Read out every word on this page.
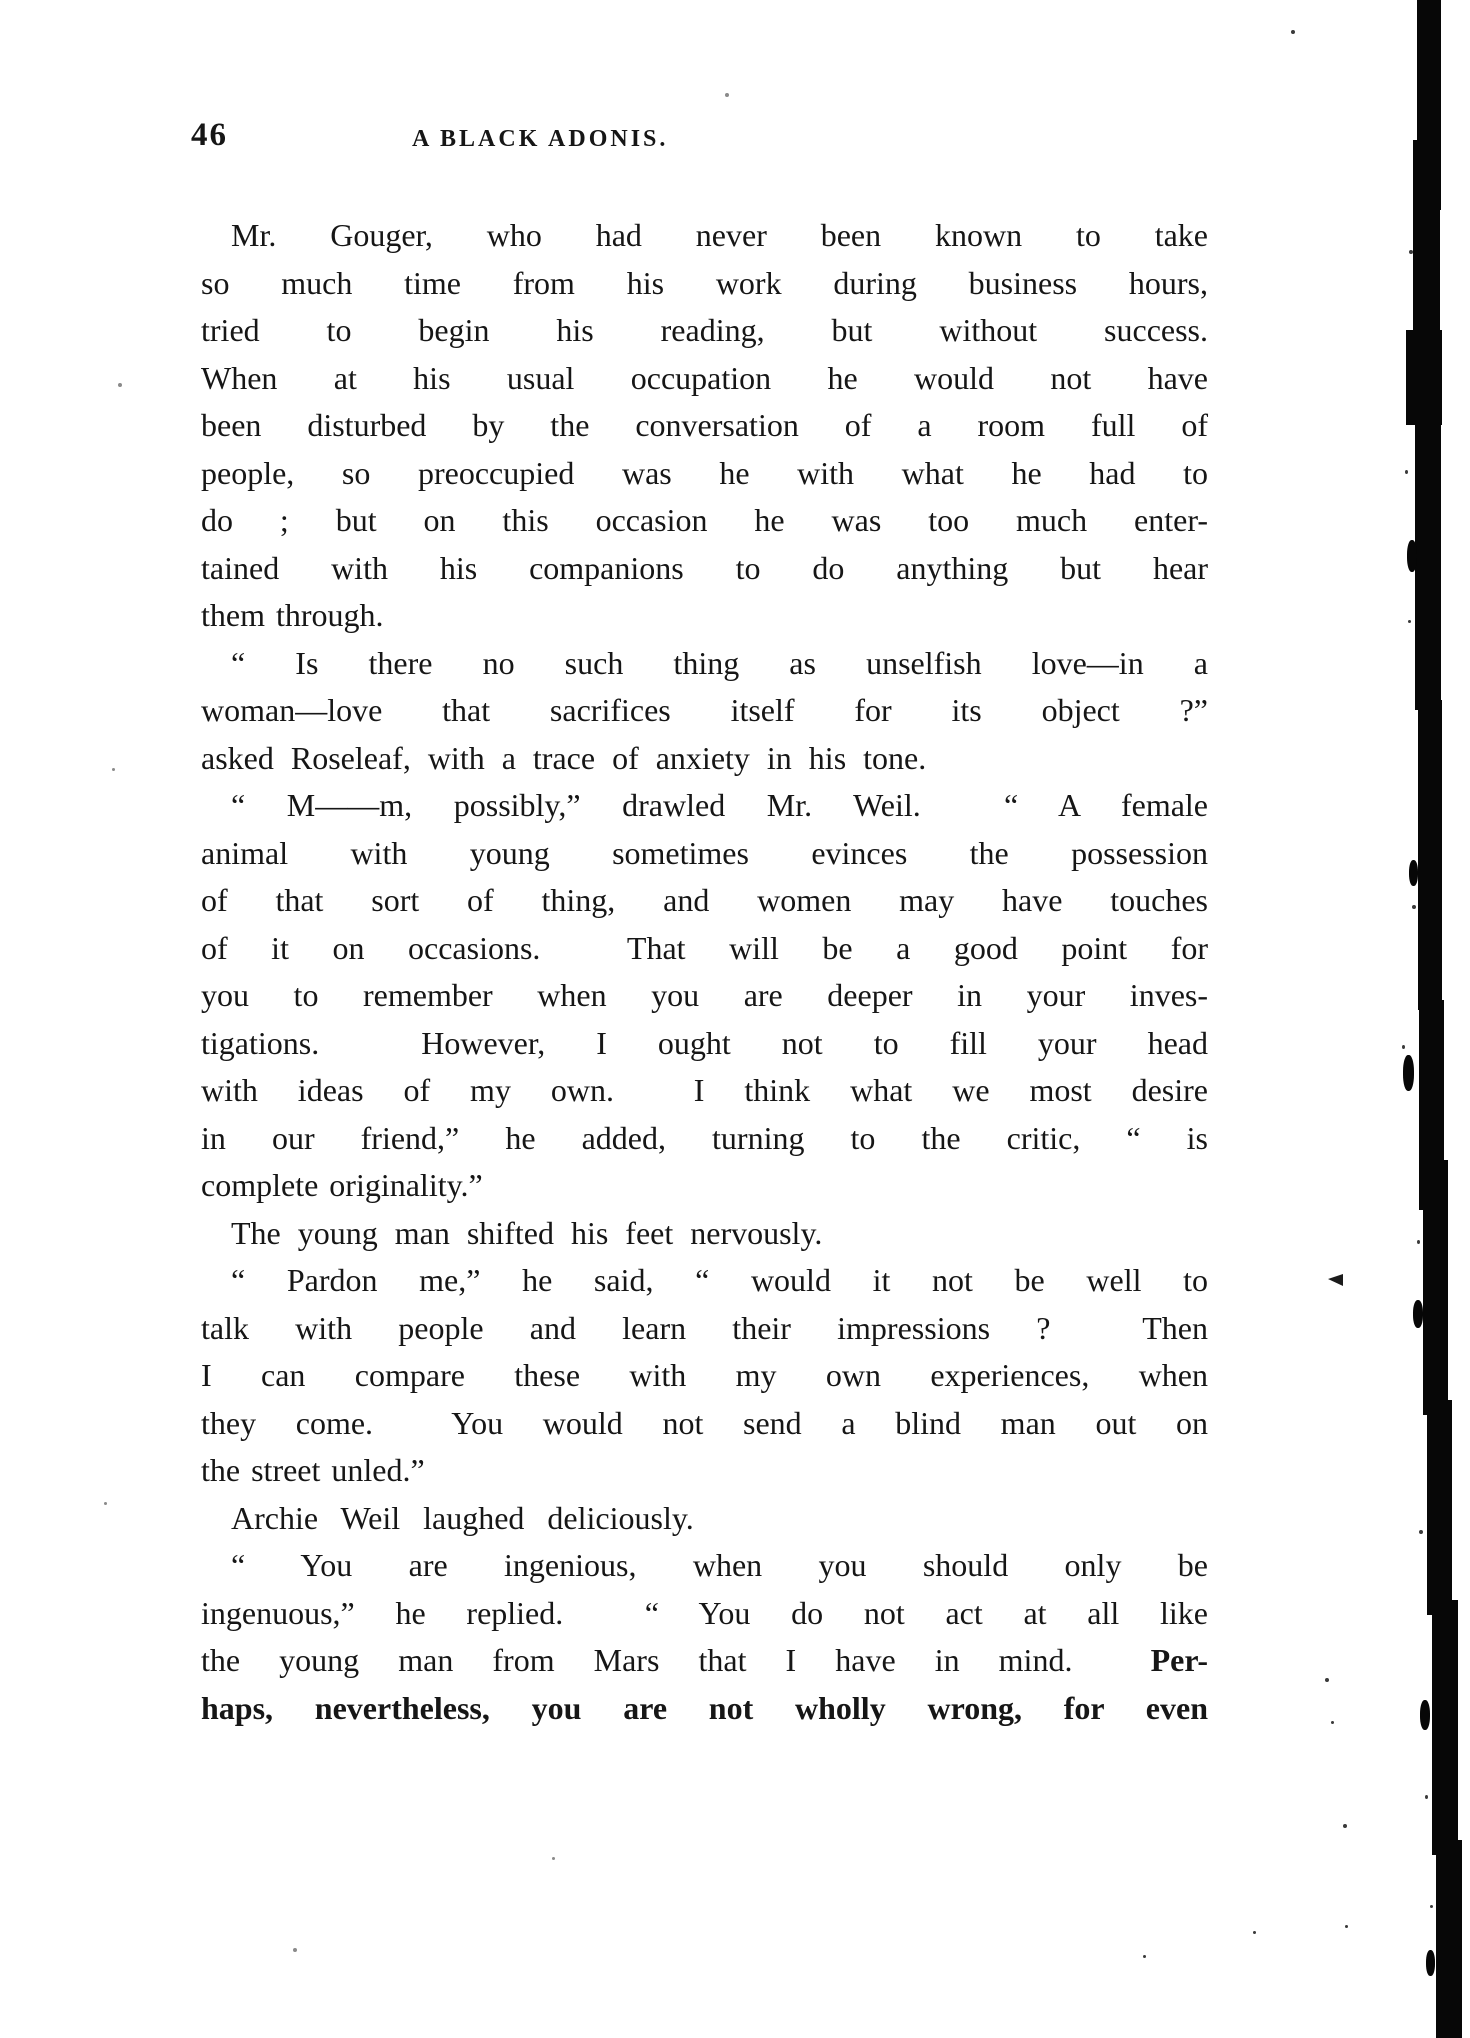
46	A BLACK ADONIS.

Mr. Gouger, who had never been known to take
so much time from his work during business hours,
tried to begin his reading, but without success.
When at his usual occupation he would not have
been disturbed by the conversation of a room full of
people, so preoccupied was he with what he had to
do ; but on this occasion he was too much enter-
tained with his companions to do anything but hear
them through.

“ Is there no such thing as unselfish love—in a
woman—love that sacrifices itself for its object ?”
asked Roseleaf, with a trace of anxiety in his tone.

“ M——m, possibly,” drawled Mr. Weil.  “ A female
animal with young sometimes evinces the possession
of that sort of thing, and women may have touches
of it on occasions.  That will be a good point for
you to remember when you are deeper in your inves-
tigations.  However, I ought not to fill your head
with ideas of my own.  I think what we most desire
in our friend,” he added, turning to the critic, “ is
complete originality.”

The young man shifted his feet nervously.

“ Pardon me,” he said, “ would it not be well to
talk with people and learn their impressions ?  Then
I can compare these with my own experiences, when
they come.  You would not send a blind man out on
the street unled.”

Archie Weil laughed deliciously.

“ You are ingenious, when you should only be
ingenuous,” he replied.  “ You do not act at all like
the young man from Mars that I have in mind.  Per-
haps, nevertheless, you are not wholly wrong, for even
